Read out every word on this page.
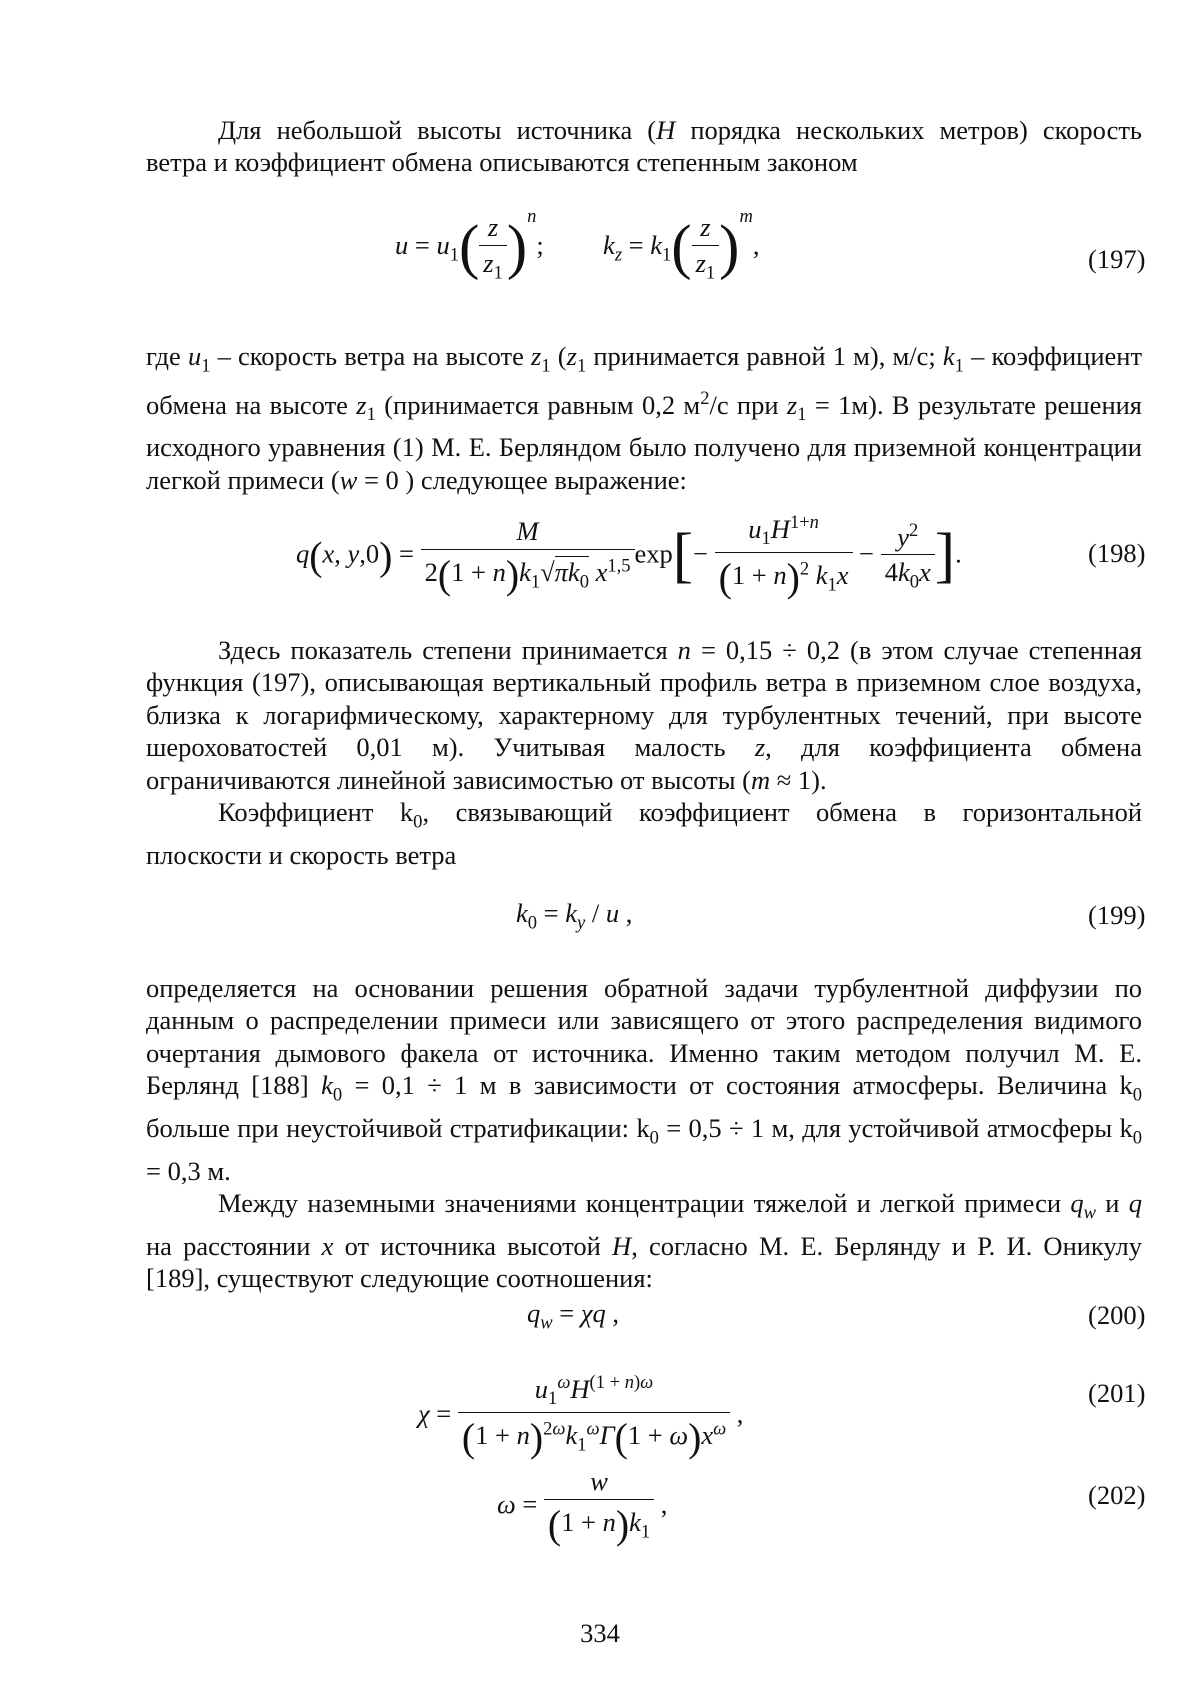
Для небольшой высоты источника (H порядка нескольких метров) скорость ветра и коэффициент обмена описываются степенным законом

$u = u_1( \frac{z}{z_1} )^n$;  $k_z = k_1( \frac{z}{z_1} )^m$,	(197)

где $u_1$ – скорость ветра на высоте $z_1$ ($z_1$ принимается равной 1 м), м/с; $k_1$ – коэффициент обмена на высоте $z_1$ (принимается равным 0,2 $м^2/с$ при $z_1 = 1м$). В результате решения исходного уравнения (1) М. Е. Берляндом было получено для приземной концентрации легкой примеси (w = 0 ) следующее выражение:

q(x, $y,0) = \frac{M}{2(1 + n)k_1√\pi k_0 x^{1,5}} \exp[- \frac{u_1H^{1+n}}{(1 + n)^2 k_1x} - \frac{y^2}{4k_0x}$ ].	(198)

Здесь показатель степени принимается n = 0,15 ÷ 0,2 (в этом случае степенная функция (197), описывающая вертикальный профиль ветра в приземном слое воздуха, близка к логарифмическому, характерному для турбулентных течений, при высоте шероховатостей 0,01 м). Учитывая малость z, для коэффициента обмена ограничиваются линейной зависимостью от высоты (m ≈ 1).

Коэффициент $k_0$, связывающий коэффициент обмена в горизонтальной плоскости и скорость ветра

$k_0 = k_y / u$ ,	(199)

определяется на основании решения обратной задачи турбулентной диффузии по данным о распределении примеси или зависящего от этого распределения видимого очертания дымового факела от источника. Именно таким методом получил М. Е. Берлянд [188] $k_0 = 0,1 \div 1$ м в зависимости от состояния атмосферы. Величина $k_0$ больше при неустойчивой стратификации: $k_0 = 0,5 \div 1$ м, для устойчивой атмосферы $k_0 = 0,3$ м.

Между наземными значениями концентрации тяжелой и легкой примеси $q_w$ и q на расстоянии x от источника высотой H, согласно М. Е. Берлянду и Р. И. Оникулу [189], существуют следующие соотношения:

$q_w = \chi q$ ,	(200)
$\chi = \frac{u_1^\omega H^{(1 + n)\omega}}{(1 + n)^{2\omega}k_1^\omega Г(1 + \omega)x^\omega}$ ,
(201)
$\omega = \frac{w}{(1 + n)k_1}$ ,	(202)
334
